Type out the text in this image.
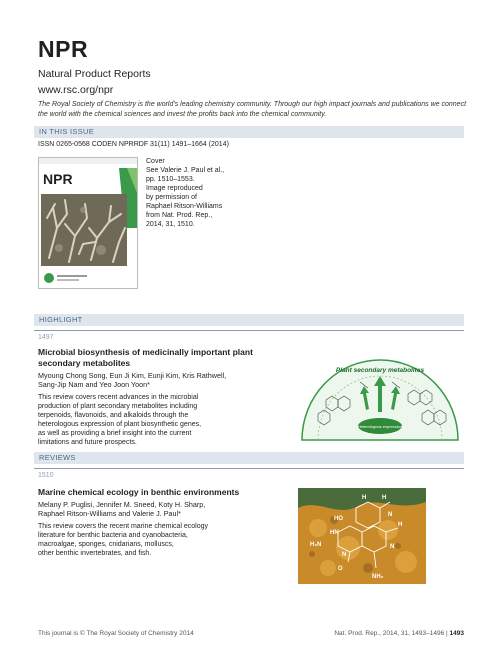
NPR
Natural Product Reports
www.rsc.org/npr
The Royal Society of Chemistry is the world's leading chemistry community. Through our high impact journals and publications we connect the world with the chemical sciences and invest the profits back into the chemical community.
IN THIS ISSUE
ISSN 0265-0568 CODEN NPRRDF 31(11) 1491–1664 (2014)
NPR
Cover
See Valerie J. Paul et al.,
pp. 1510–1553.
Image reproduced
by permission of
Raphael Ritson-Williams
from Nat. Prod. Rep.,
2014, 31, 1510.
HIGHLIGHT
1497
Microbial biosynthesis of medicinally important plant
secondary metabolites
Myoung Chong Song, Eun Ji Kim, Eunji Kim, Kris Rathwell,
Sang-Jip Nam and Yeo Joon Yoon*
This review covers recent advances in the microbial
production of plant secondary metabolites including
terpenoids, flavonoids, and alkaloids through the
heterologous expression of plant biosynthetic genes,
as well as providing a brief insight into the current
limitations and future prospects.
Plant secondary metabolites
Heterologous expression
REVIEWS
1510
Marine chemical ecology in benthic environments
Melany P. Puglisi, Jennifer M. Sneed, Koty H. Sharp,
Raphael Ritson-Williams and Valerie J. Paul*
This review covers the recent marine chemical ecology
literature for benthic bacteria and cyanobacteria,
macroalgae, sponges, cnidarians, molluscs,
other benthic invertebrates, and fish.
H	H
N
HO
HN
H₂N
N
N
O
NH₂
H
This journal is © The Royal Society of Chemistry 2014	Nat. Prod. Rep., 2014, 31, 1493–1496 | 1493
